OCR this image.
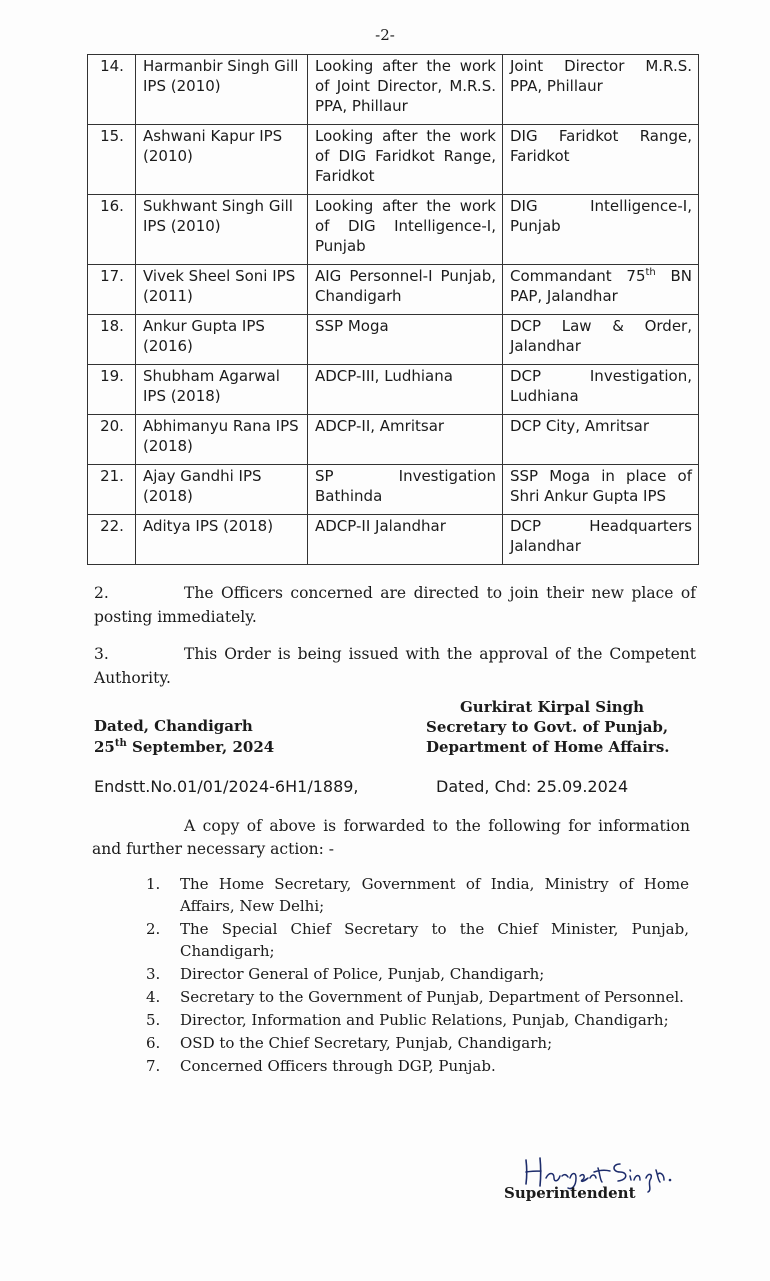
-2-
14.	Harmanbir Singh Gill IPS (2010)	Looking after the work of Joint Director, M.R.S. PPA, Phillaur	Joint Director M.R.S. PPA, Phillaur
15.	Ashwani Kapur IPS (2010)	Looking after the work of DIG Faridkot Range, Faridkot	DIG Faridkot Range, Faridkot
16.	Sukhwant Singh Gill IPS (2010)	Looking after the work of DIG Intelligence-I, Punjab	DIG Intelligence-I, Punjab
17.	Vivek Sheel Soni IPS (2011)	AIG Personnel-I Punjab, Chandigarh	Commandant 75th BN PAP, Jalandhar
18.	Ankur Gupta IPS (2016)	SSP Moga	DCP Law & Order, Jalandhar
19.	Shubham Agarwal IPS (2018)	ADCP-III, Ludhiana	DCP Investigation, Ludhiana
20.	Abhimanyu Rana IPS (2018)	ADCP-II, Amritsar	DCP City, Amritsar
21.	Ajay Gandhi IPS (2018)	SP Investigation Bathinda	SSP Moga in place of Shri Ankur Gupta IPS
22.	Aditya IPS (2018)	ADCP-II Jalandhar	DCP Headquarters Jalandhar
2.	The Officers concerned are directed to join their new place of posting immediately.
3.	This Order is being issued with the approval of the Competent Authority.
Dated, Chandigarh
25th September, 2024
Gurkirat Kirpal Singh
Secretary to Govt. of Punjab,
Department of Home Affairs.
Endstt.No.01/01/2024-6H1/1889,	Dated, Chd: 25.09.2024
A copy of above is forwarded to the following for information and further necessary action: -
1. The Home Secretary, Government of India, Ministry of Home Affairs, New Delhi;
2. The Special Chief Secretary to the Chief Minister, Punjab, Chandigarh;
3. Director General of Police, Punjab, Chandigarh;
4. Secretary to the Government of Punjab, Department of Personnel.
5. Director, Information and Public Relations, Punjab, Chandigarh;
6. OSD to the Chief Secretary, Punjab, Chandigarh;
7. Concerned Officers through DGP, Punjab.
Superintendent
